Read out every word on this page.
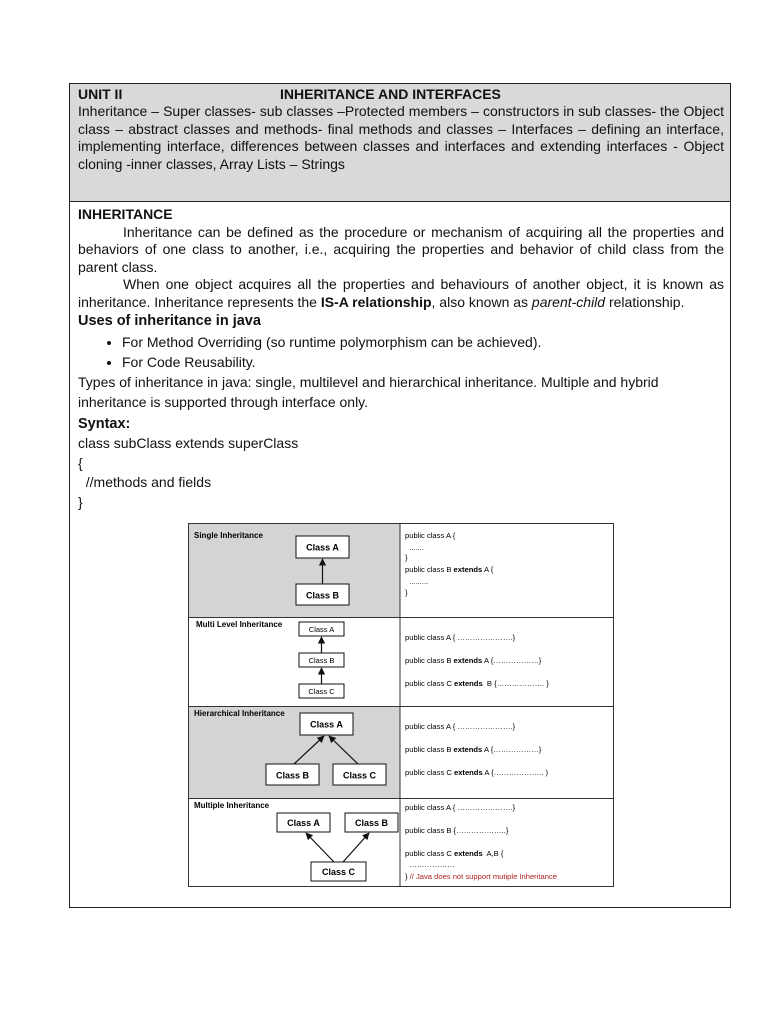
UNIT II	INHERITANCE AND INTERFACES
Inheritance – Super classes- sub classes –Protected members – constructors in sub classes- the Object class – abstract classes and methods- final methods and classes – Interfaces – defining an interface, implementing interface, differences between classes and interfaces and extending interfaces - Object cloning -inner classes, Array Lists – Strings
INHERITANCE

Inheritance can be defined as the procedure or mechanism of acquiring all the properties and behaviors of one class to another, i.e., acquiring the properties and behavior of child class from the parent class.

When one object acquires all the properties and behaviours of another object, it is known as inheritance. Inheritance represents the IS-A relationship, also known as parent-child relationship.

Uses of inheritance in java
• For Method Overriding (so runtime polymorphism can be achieved).
• For Code Reusability.

Types of inheritance in java: single, multilevel and hierarchical inheritance. Multiple and hybrid inheritance is supported through interface only.

Syntax:
class subClass extends superClass
{
//methods and fields
}
Single Inheritance
Class A
Class B
public class A {
.......
}
public class B extends A {
.........
}
Multi Level Inheritance
Class A
Class B
Class C
public class A { ………………….}
public class B extends A {………………}
public class C extends  B {………………. }
Hierarchical Inheritance
Class A
Class B	Class C
public class A { ………………….}
public class B extends A {………………}
public class C extends A {……………….. )
Multiple Inheritance
Class A	Class B
Class C
public class A { ………………….}
public class B {………………..}
public class C extends  A,B {
………………
} // Java does not support mutiple Inheritance
